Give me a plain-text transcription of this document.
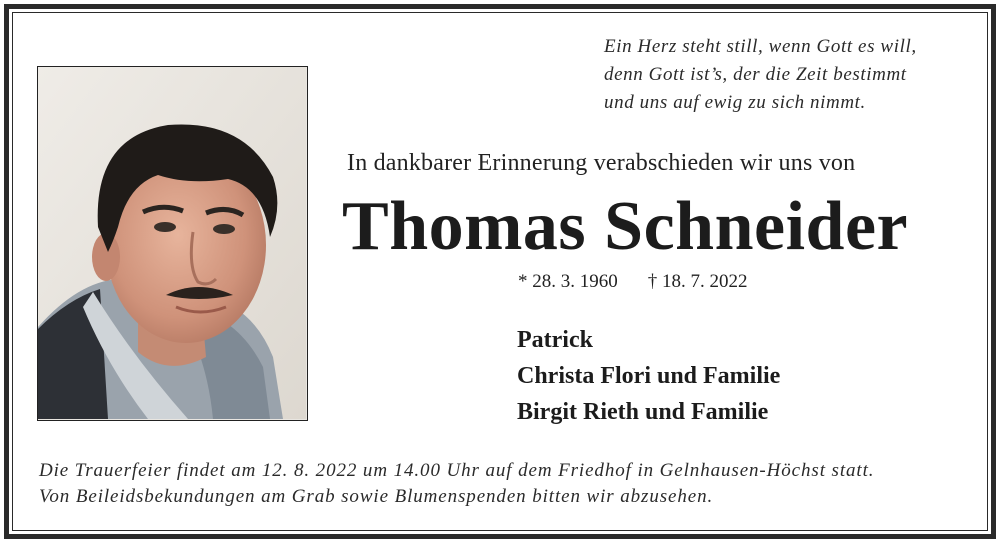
Ein Herz steht still, wenn Gott es will,
denn Gott ist’s, der die Zeit bestimmt
und uns auf ewig zu sich nimmt.
In dankbarer Erinnerung verabschieden wir uns von
Thomas Schneider
* 28. 3. 1960 † 18. 7. 2022
Patrick
Christa Flori und Familie
Birgit Rieth und Familie
Die Trauerfeier findet am 12. 8. 2022 um 14.00 Uhr auf dem Friedhof in Gelnhausen-Höchst statt.
Von Beileidsbekundungen am Grab sowie Blumenspenden bitten wir abzusehen.
